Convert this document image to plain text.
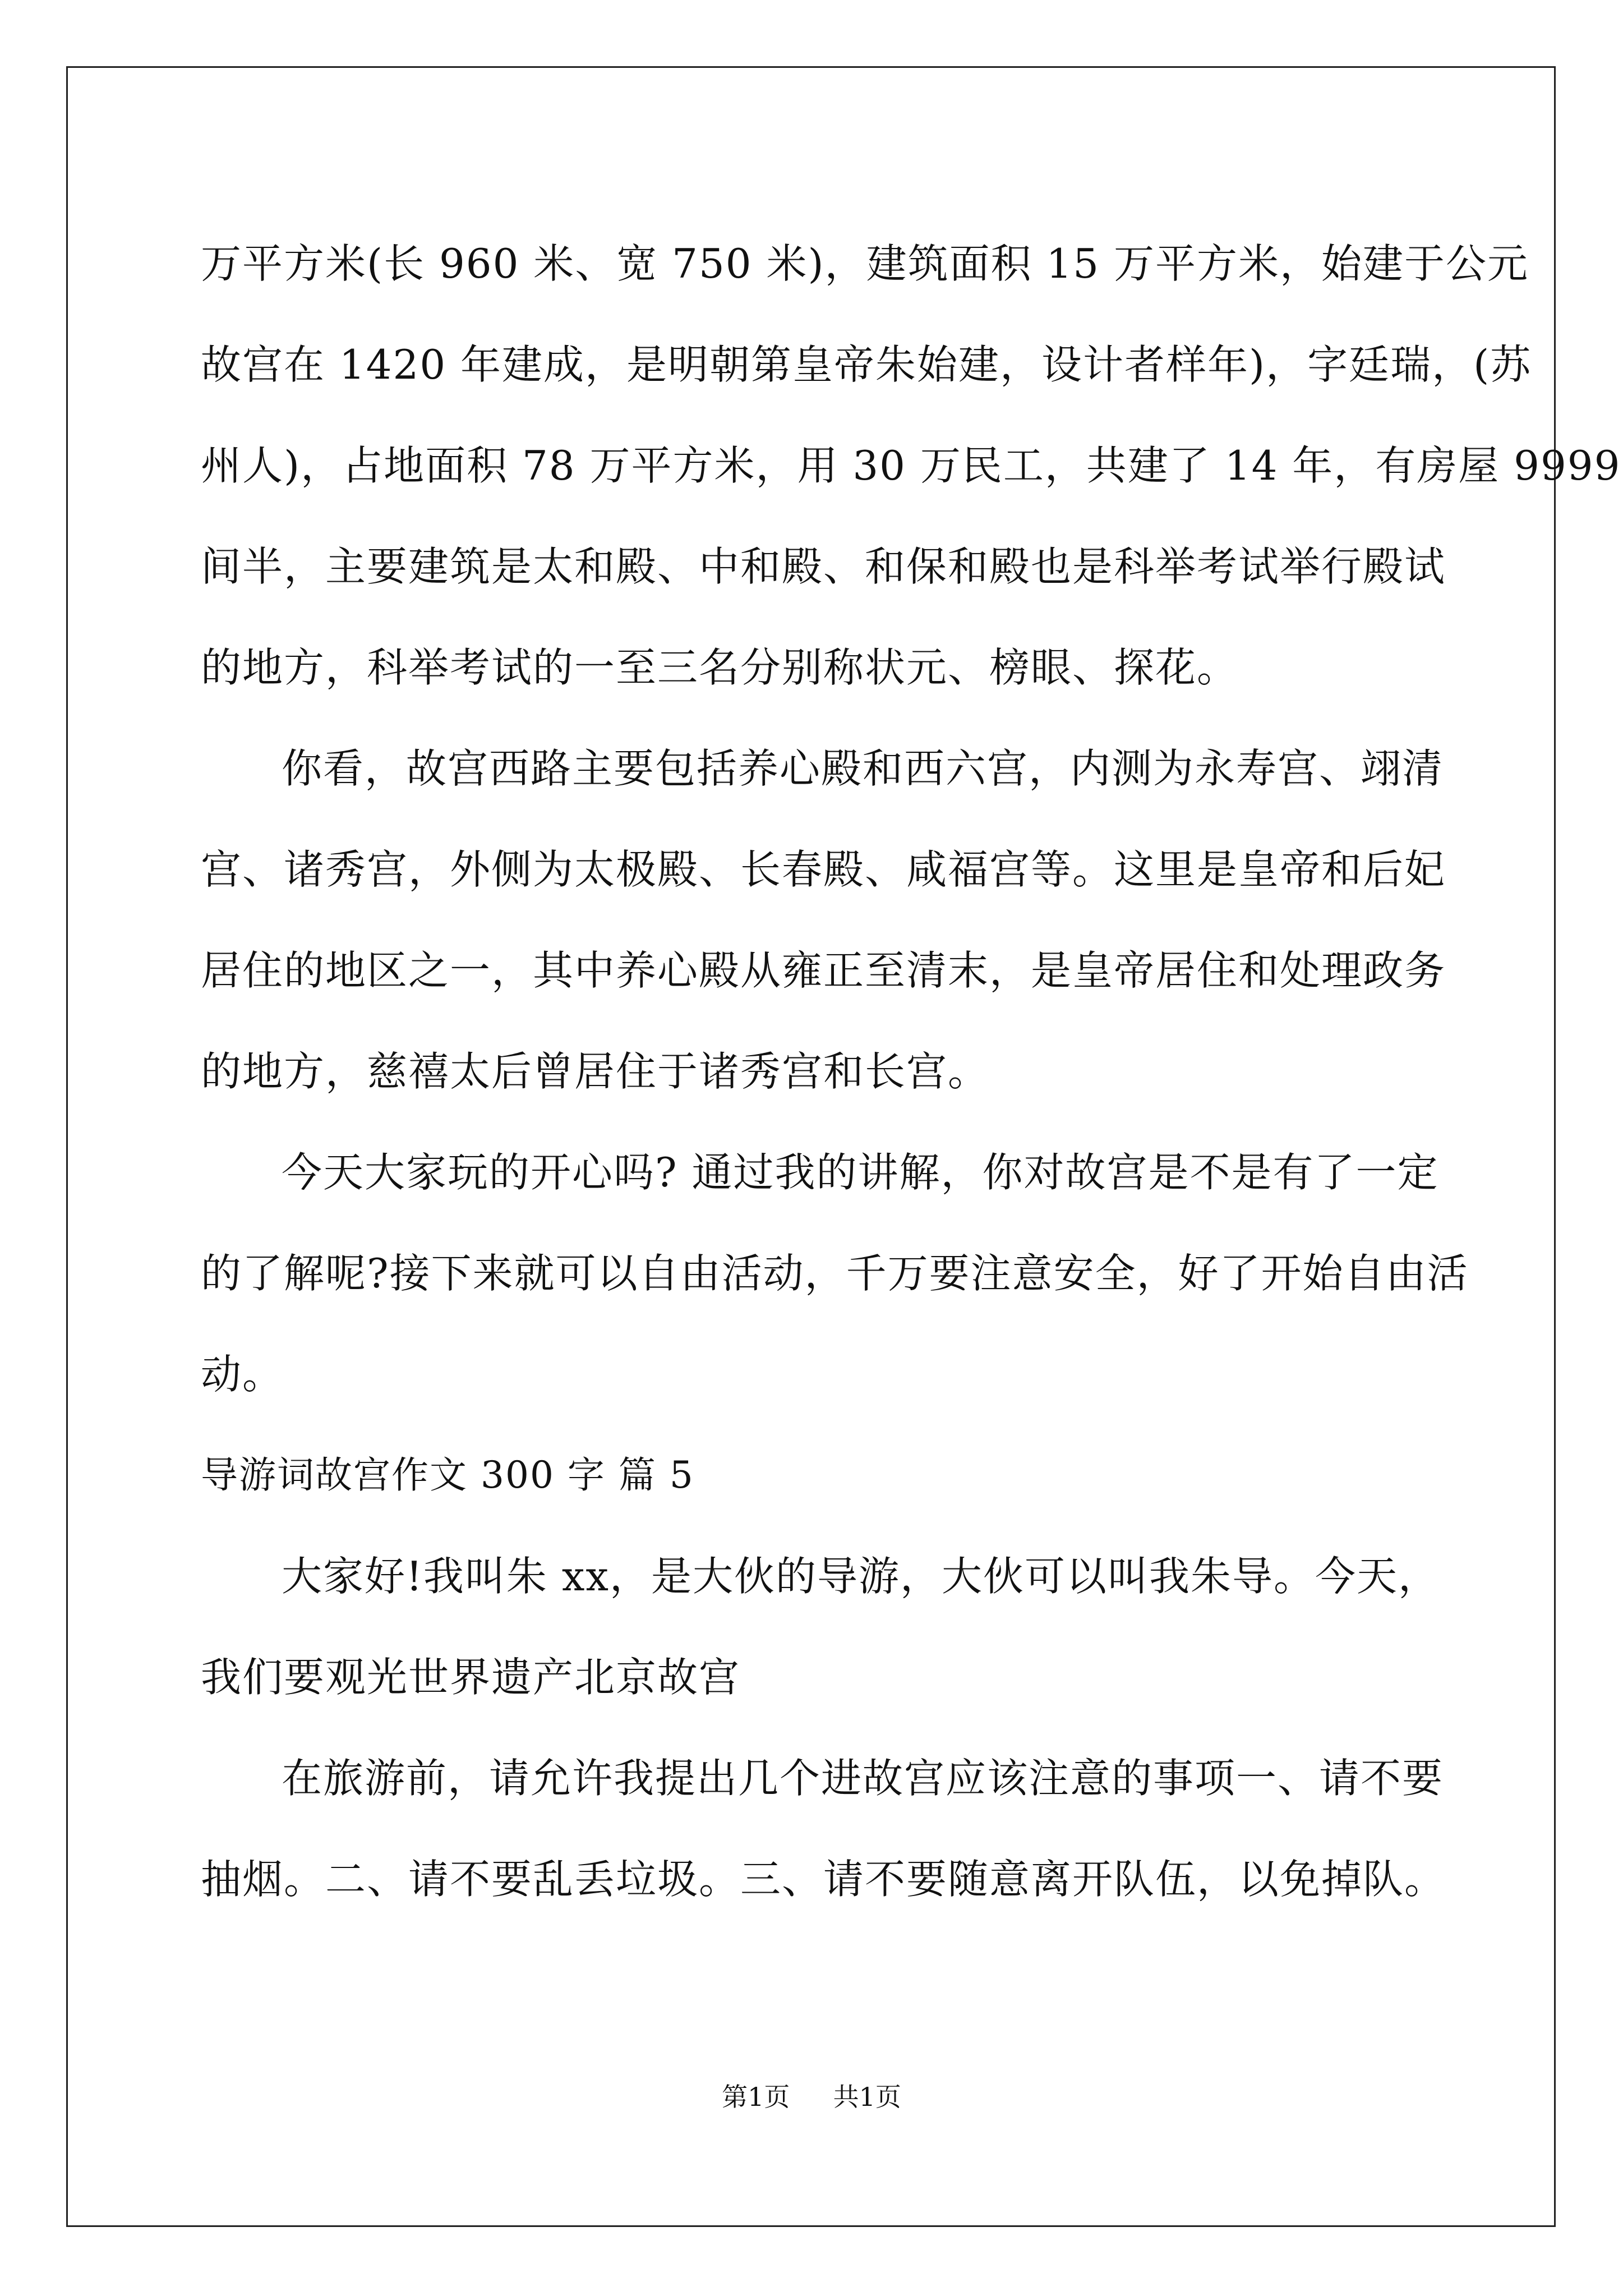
万平方米(长 960 米、宽 750 米)，建筑面积 15 万平方米，始建于公元
故宫在 1420 年建成，是明朝第皇帝朱始建，设计者样年)，字廷瑞，(苏
州人)，占地面积 78 万平方米，用 30 万民工，共建了 14 年，有房屋 9999
间半，主要建筑是太和殿、中和殿、和保和殿也是科举考试举行殿试
的地方，科举考试的一至三名分别称状元、榜眼、探花。
你看，故宫西路主要包括养心殿和西六宫，内测为永寿宫、翊清
宫、诸秀宫，外侧为太极殿、长春殿、咸福宫等。这里是皇帝和后妃
居住的地区之一，其中养心殿从雍正至清末，是皇帝居住和处理政务
的地方，慈禧太后曾居住于诸秀宫和长宫。
今天大家玩的开心吗? 通过我的讲解，你对故宫是不是有了一定
的了解呢?接下来就可以自由活动，千万要注意安全，好了开始自由活
动。
导游词故宫作文 300 字 篇 5
大家好!我叫朱 xx，是大伙的导游，大伙可以叫我朱导。今天，
我们要观光世界遗产北京故宫
在旅游前，请允许我提出几个进故宫应该注意的事项一、请不要
抽烟。二、请不要乱丢垃圾。三、请不要随意离开队伍，以免掉队。
第1页 共1页
